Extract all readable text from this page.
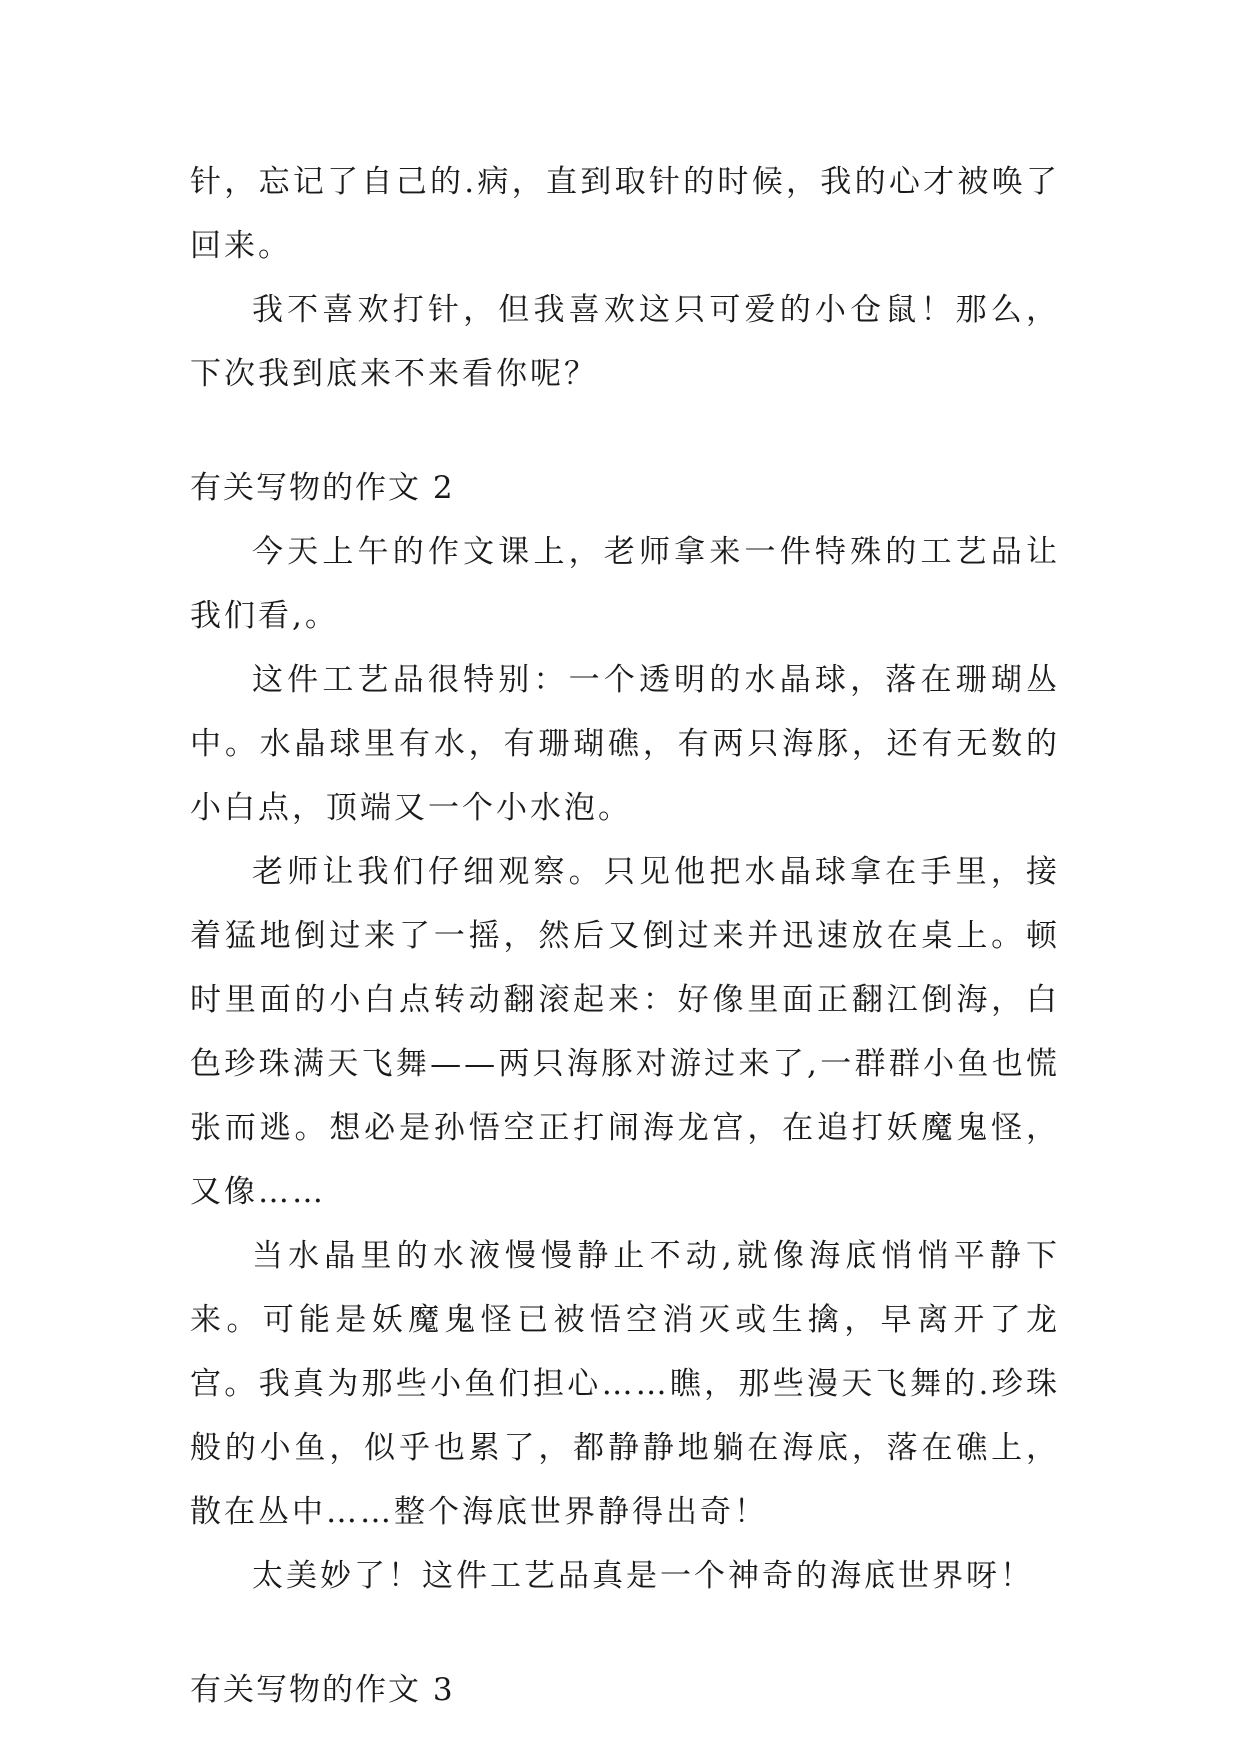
针，忘记了自己的.病，直到取针的时候，我的心才被唤了回来。

我不喜欢打针，但我喜欢这只可爱的小仓鼠！那么，下次我到底来不来看你呢？

有关写物的作文 2

今天上午的作文课上，老师拿来一件特殊的工艺品让我们看,。

这件工艺品很特别：一个透明的水晶球，落在珊瑚丛中。水晶球里有水，有珊瑚礁，有两只海豚，还有无数的小白点，顶端又一个小水泡。

老师让我们仔细观察。只见他把水晶球拿在手里，接着猛地倒过来了一摇，然后又倒过来并迅速放在桌上。顿时里面的小白点转动翻滚起来：好像里面正翻江倒海，白色珍珠满天飞舞——两只海豚对游过来了,一群群小鱼也慌张而逃。想必是孙悟空正打闹海龙宫，在追打妖魔鬼怪，又像……

当水晶里的水液慢慢静止不动,就像海底悄悄平静下来。可能是妖魔鬼怪已被悟空消灭或生擒，早离开了龙宫。我真为那些小鱼们担心……瞧，那些漫天飞舞的.珍珠般的小鱼，似乎也累了，都静静地躺在海底，落在礁上，散在丛中……整个海底世界静得出奇！

太美妙了！这件工艺品真是一个神奇的海底世界呀！

有关写物的作文 3
